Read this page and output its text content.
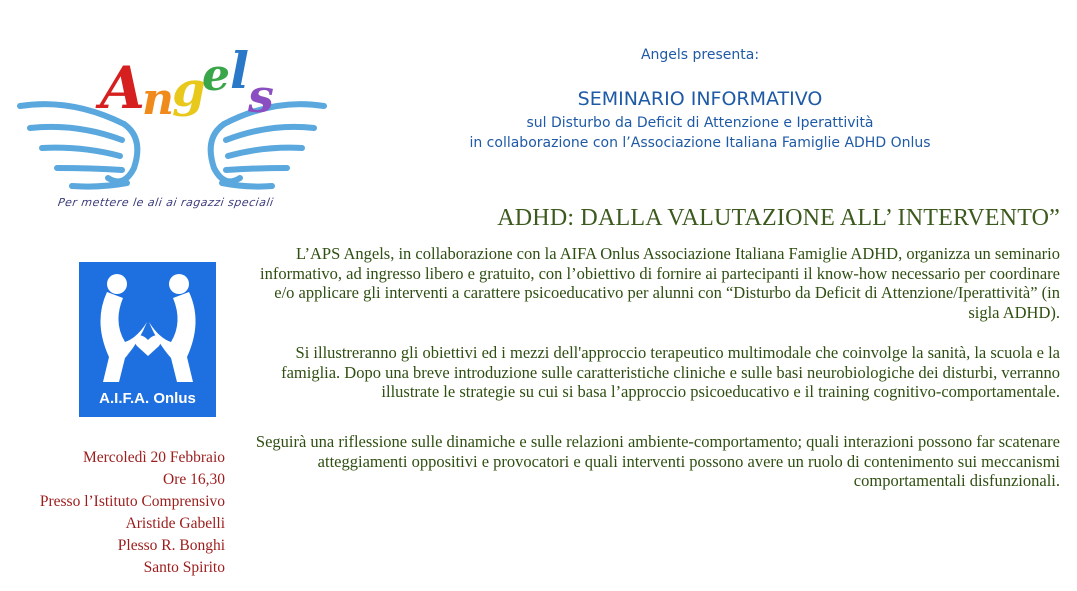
A
n
g
e l s
Per mettere le ali ai ragazzi speciali
A.I.F.A. Onlus
Angels presenta:
SEMINARIO INFORMATIVO
sul Disturbo da Deficit di Attenzione e Iperattività
in collaborazione con l’Associazione Italiana Famiglie ADHD Onlus
ADHD: DALLA VALUTAZIONE ALL’ INTERVENTO”

L’APS Angels, in collaborazione con la AIFA Onlus Associazione Italiana Famiglie ADHD, organizza un seminario informativo, ad ingresso libero e gratuito, con l’obiettivo di fornire ai partecipanti il know-how necessario per coordinare e/o applicare gli interventi a carattere psicoeducativo per alunni con “Disturbo da Deficit di Attenzione/Iperattività” (in sigla ADHD).

Si illustreranno gli obiettivi ed i mezzi dell'approccio terapeutico multimodale che coinvolge la sanità, la scuola e la famiglia. Dopo una breve introduzione sulle caratteristiche cliniche e sulle basi neurobiologiche dei disturbi, verranno illustrate le strategie su cui si basa l’approccio psicoeducativo e il training cognitivo-comportamentale.

Seguirà una riflessione sulle dinamiche e sulle relazioni ambiente-comportamento; quali interazioni possono far scatenare atteggiamenti oppositivi e provocatori e quali interventi possono avere un ruolo di contenimento sui meccanismi comportamentali disfunzionali.

Mercoledì 20 Febbraio
Ore 16,30
Presso l’Istituto Comprensivo
Aristide Gabelli
Plesso R. Bonghi
Santo Spirito
